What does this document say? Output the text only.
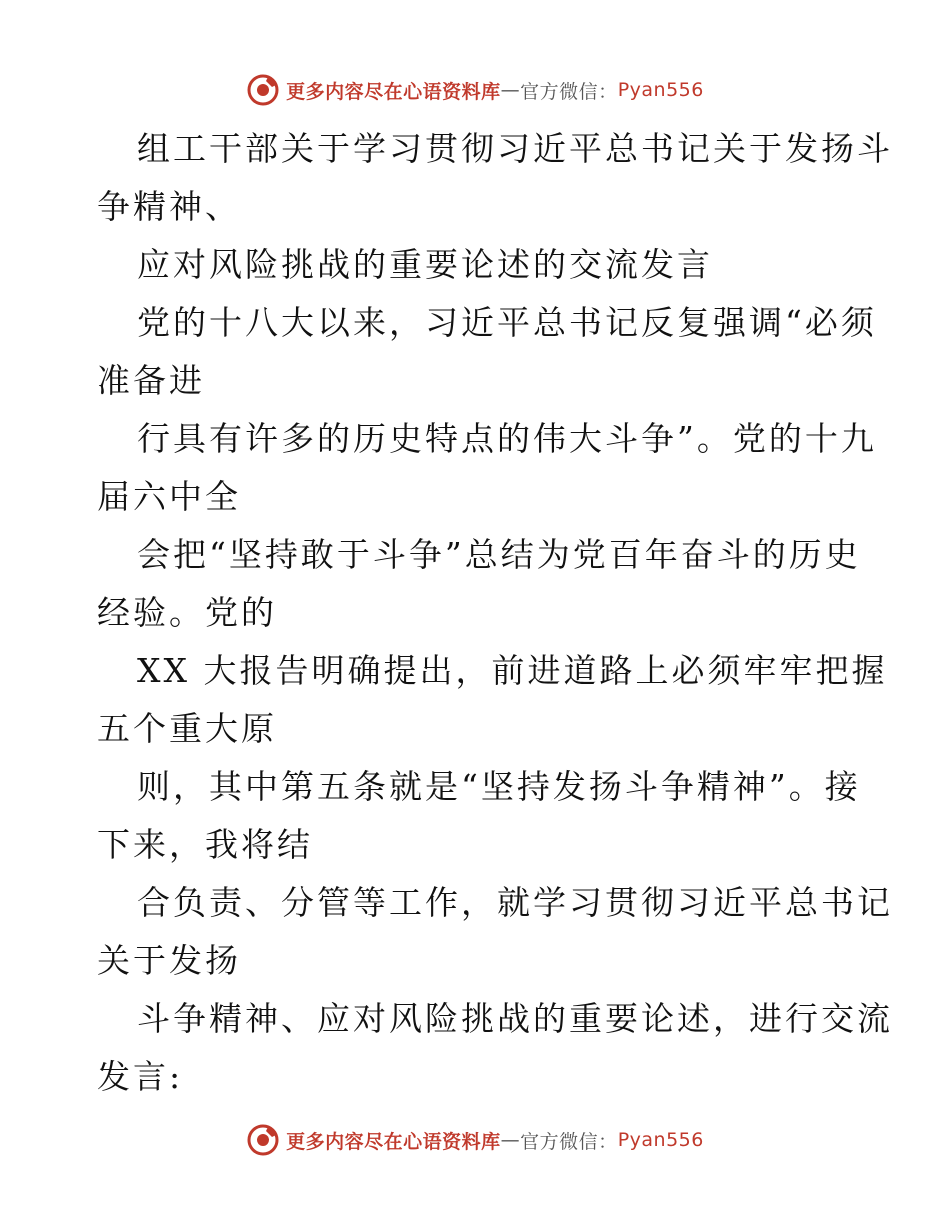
更多内容尽在心语资料库 — 官方微信： Pyan556
组工干部关于学习贯彻习近平总书记关于发扬斗
争精神、
应对风险挑战的重要论述的交流发言
党的十八大以来，习近平总书记反复强调“必须
准备进
行具有许多的历史特点的伟大斗争”。党的十九
届六中全
会把“坚持敢于斗争”总结为党百年奋斗的历史
经验。党的
XX 大报告明确提出，前进道路上必须牢牢把握
五个重大原
则，其中第五条就是“坚持发扬斗争精神”。接
下来，我将结
合负责、分管等工作，就学习贯彻习近平总书记
关于发扬
斗争精神、应对风险挑战的重要论述，进行交流
发言:
更多内容尽在心语资料库 — 官方微信： Pyan556
